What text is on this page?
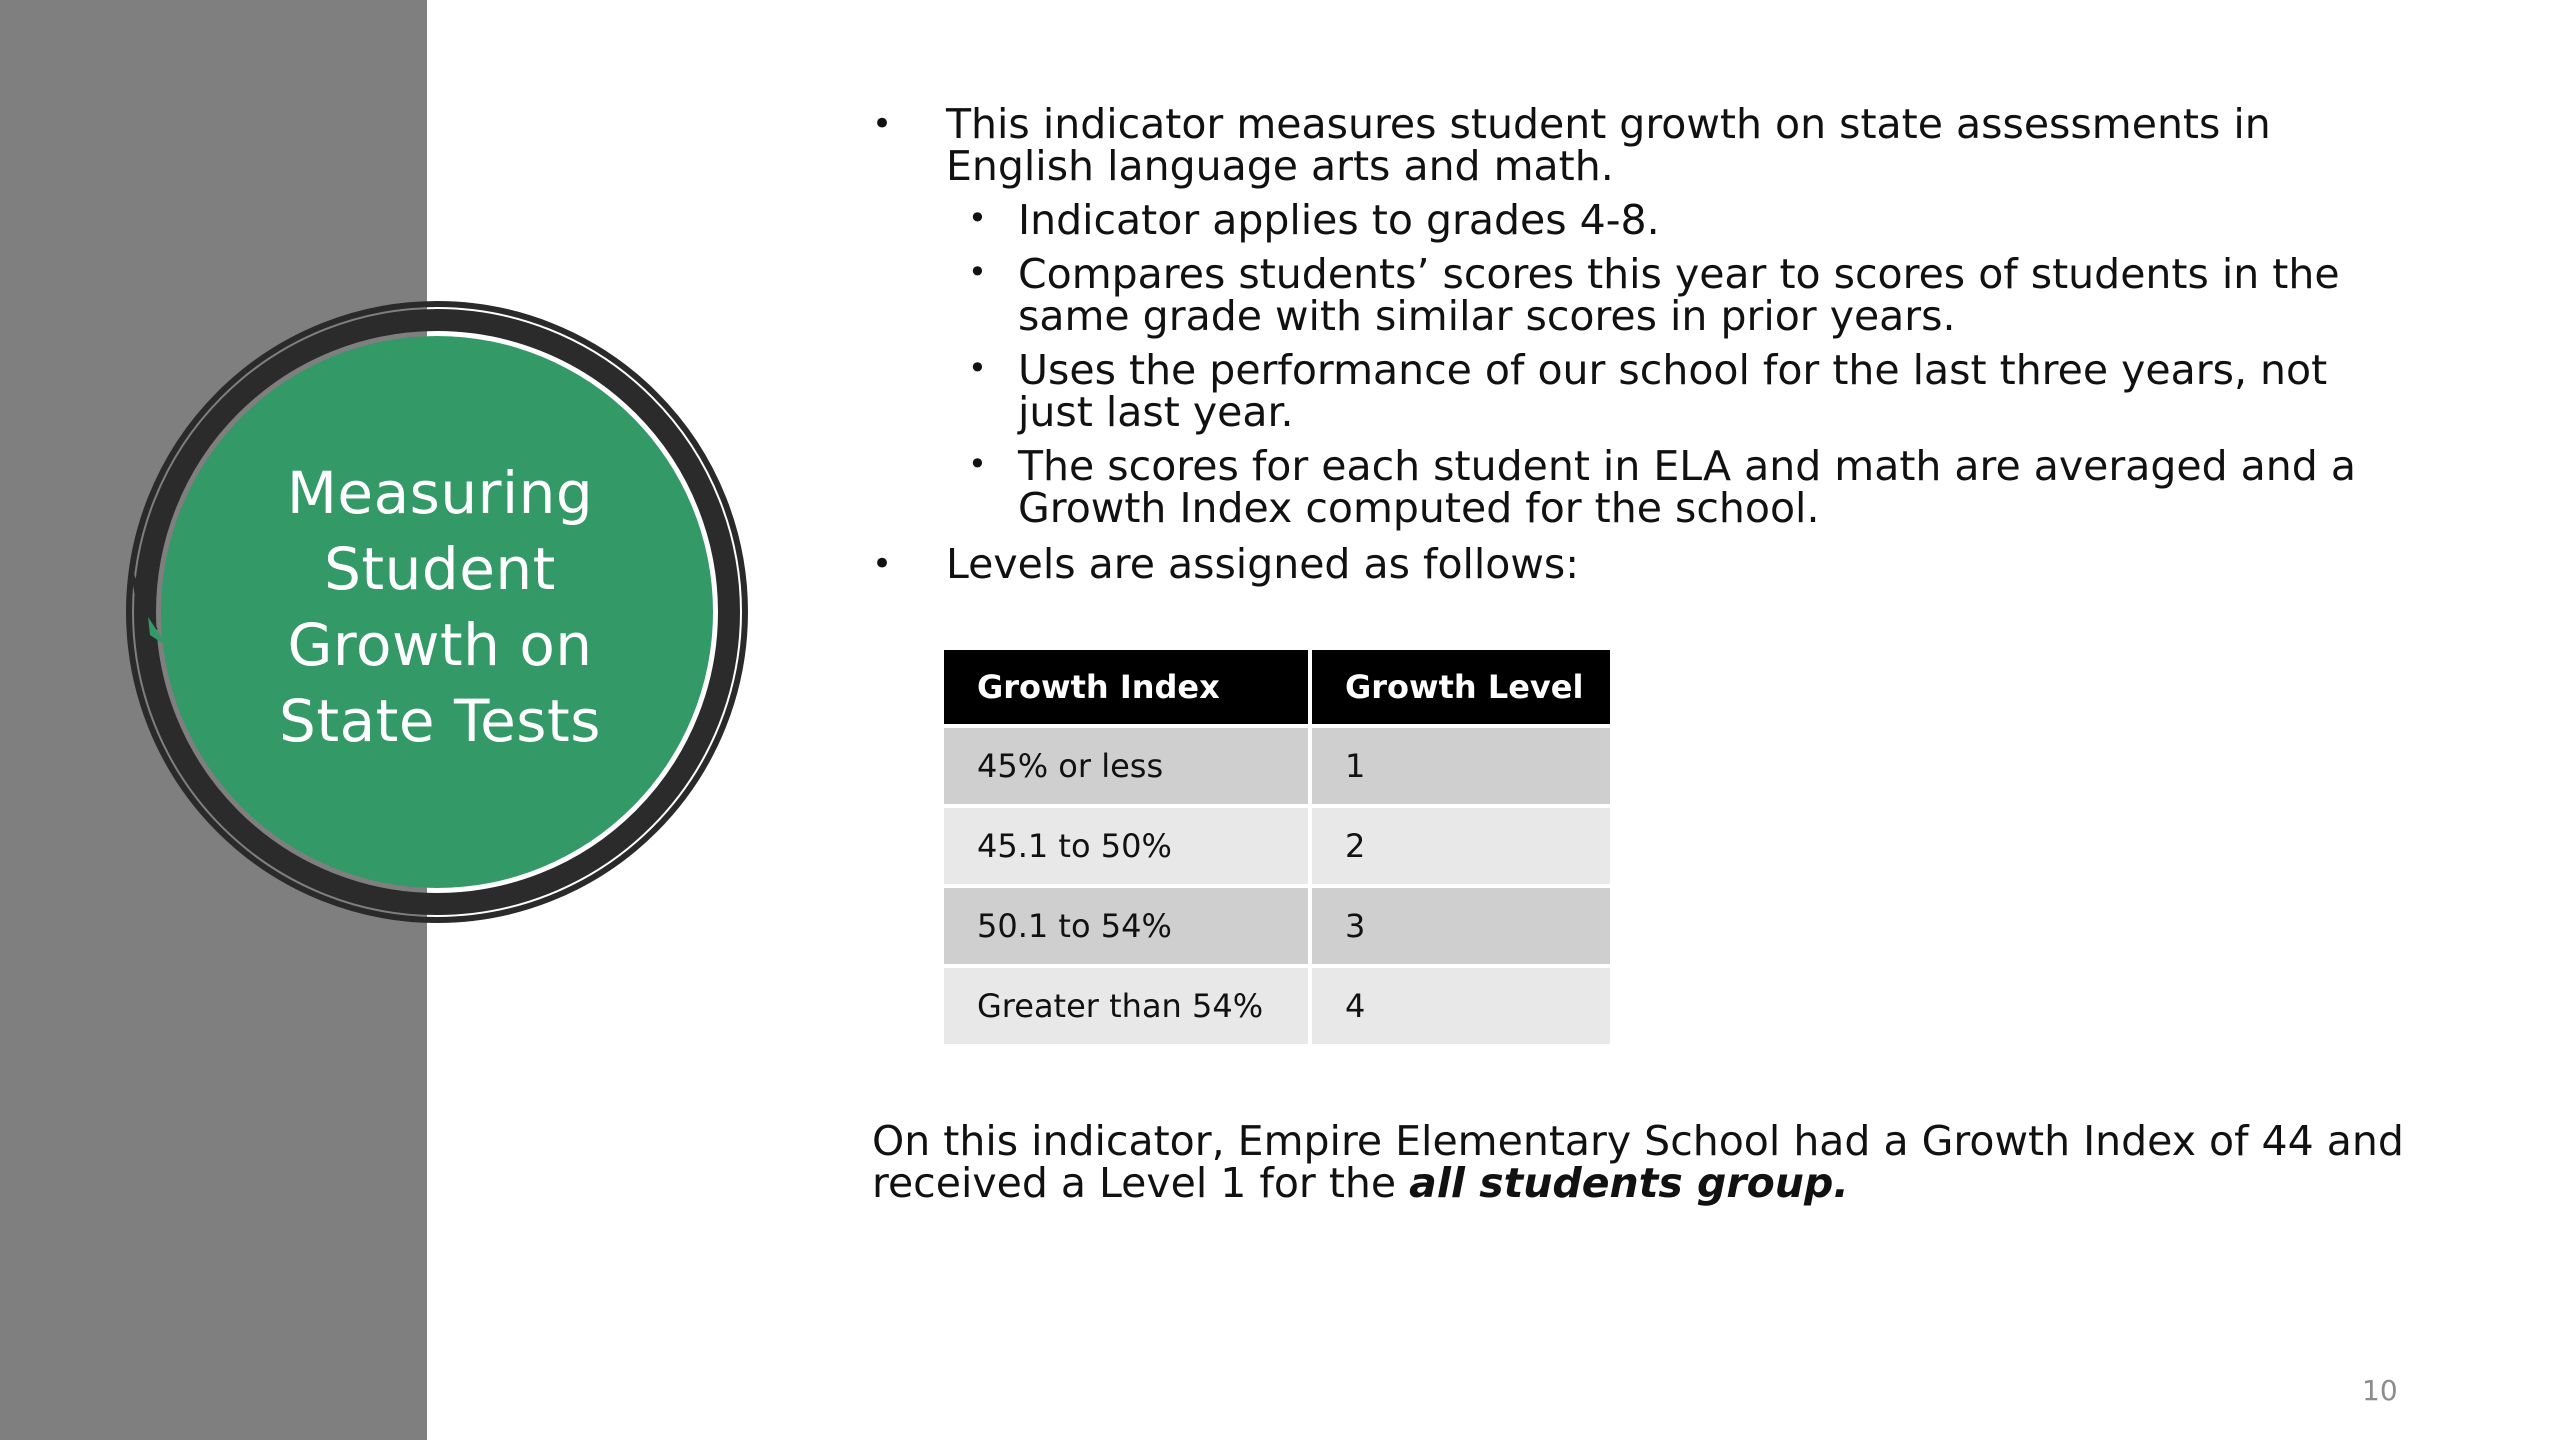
Measuring
Student
Growth on
State Tests
• This indicator measures student growth on state assessments in English language arts and math.
• Indicator applies to grades 4-8.
• Compares students’ scores this year to scores of students in the same grade with similar scores in prior years.
• Uses the performance of our school for the last three years, not just last year.
• The scores for each student in ELA and math are averaged and a Growth Index computed for the school.
• Levels are assigned as follows:
Growth Index	Growth Level
45% or less	1
45.1 to 50%	2
50.1 to 54%	3
Greater than 54%	4
On this indicator, Empire Elementary School had a Growth Index of 44 and received a Level 1 for the all students group.
10
